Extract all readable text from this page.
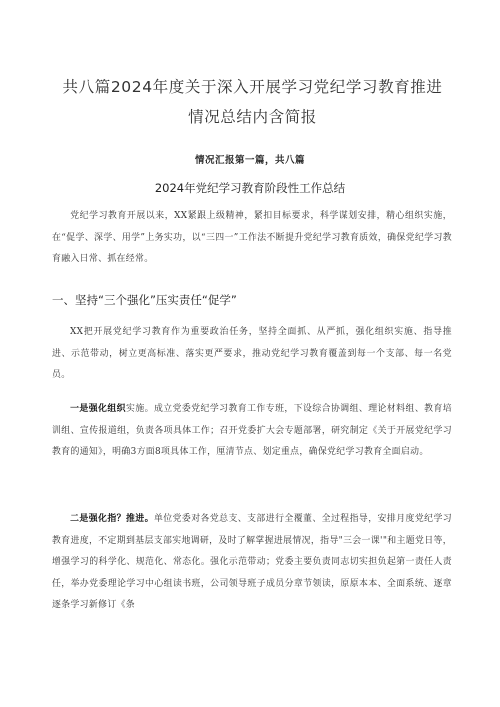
共八篇2024年度关于深入开展学习党纪学习教育推进情况总结内含简报
情况汇报第一篇，共八篇
2024年党纪学习教育阶段性工作总结

党纪学习教育开展以来，XX紧跟上级精神，紧扣目标要求，科学谋划安排，精心组织实施，在“促学、深学、用学”上务实功，以“三四一”工作法不断提升党纪学习教育质效，确保党纪学习教育融入日常、抓在经常。

一、坚持“三个强化”压实责任“促学”

XX把开展党纪学习教育作为重要政治任务，坚持全面抓、从严抓，强化组织实施、指导推进、示范带动，树立更高标准、落实更严要求，推动党纪学习教育覆盖到每一个支部、每一名党员。

一是强化组织实施。成立党委党纪学习教育工作专班，下设综合协调组、理论材料组、教育培训组、宣传报道组，负责各项具体工作；召开党委扩大会专题部署，研究制定《关于开展党纪学习教育的通知》，明确3方面8项具体工作，厘清节点、划定重点，确保党纪学习教育全面启动。

二是强化指？推进。单位党委对各党总支、支部进行全覆董、全过程指导，安排月度党纪学习教育进度，不定期到基层支部实地调研，及时了解掌握进展情况，指导"三会一课'"和主题党日等，增强学习的科学化、规范化、常态化。强化示范带动；党委主要负责同志切实担负起第一责任人责任，举办党委理论学习中心组读书班，公司领导班子成员分章节领读，原原本本、全面系统、逐章逐条学习新修订《条
